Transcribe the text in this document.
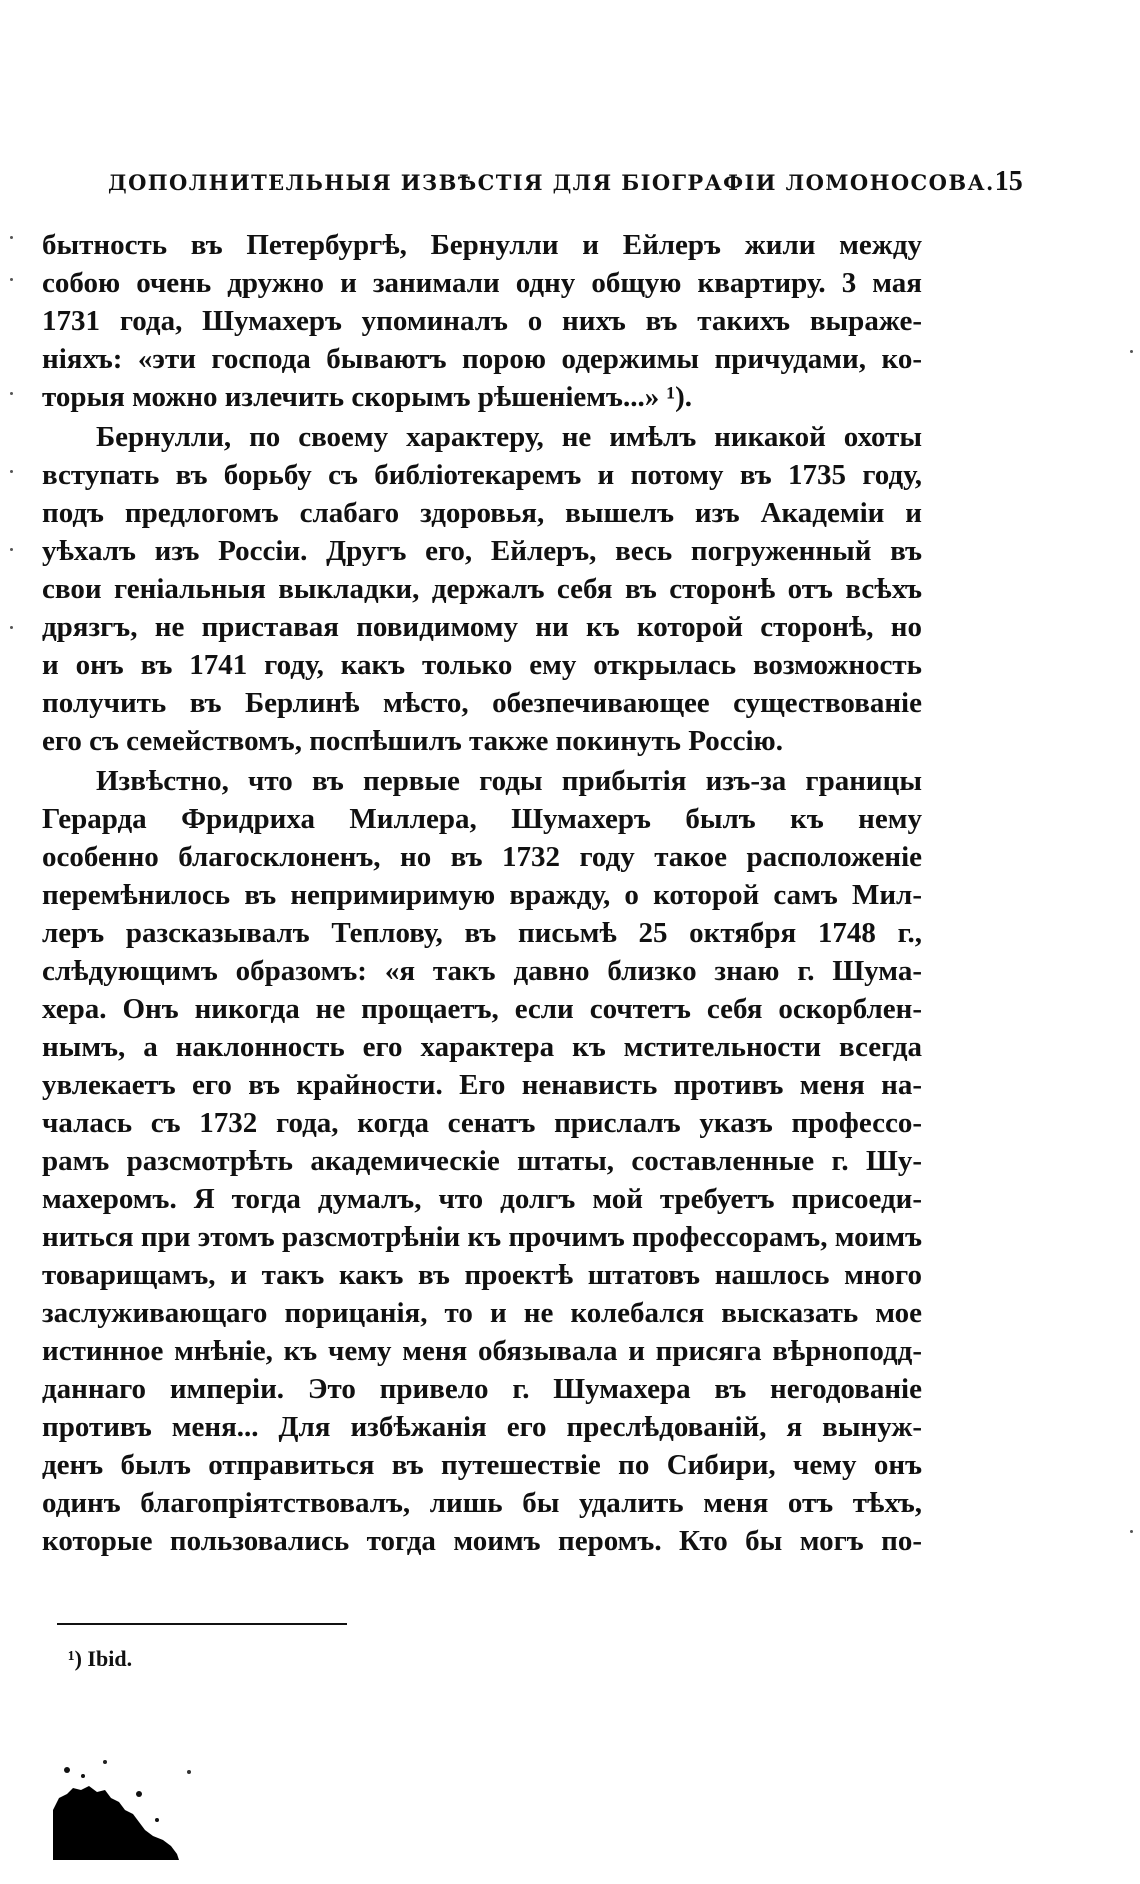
ДОПОЛНИТЕЛЬНЫЯ ИЗВѢСТІЯ ДЛЯ БІОГРАФІИ ЛОМОНОСОВА. 15
бытность въ Петербургѣ, Бернулли и Ейлеръ жили между
собою очень дружно и занимали одну общую квартиру. 3 мая
1731 года, Шумахеръ упоминалъ о нихъ въ такихъ выраже-
ніяхъ: «эти господа бываютъ порою одержимы причудами, ко-
торыя можно излечить скорымъ рѣшеніемъ...» ¹).
Бернулли, по своему характеру, не имѣлъ никакой охоты
вступать въ борьбу съ библіотекаремъ и потому въ 1735 году,
подъ предлогомъ слабаго здоровья, вышелъ изъ Академіи и
уѣхалъ изъ Россіи. Другъ его, Ейлеръ, весь погруженный въ
свои геніальныя выкладки, держалъ себя въ сторонѣ отъ всѣхъ
дрязгъ, не приставая повидимому ни къ которой сторонѣ, но
и онъ въ 1741 году, какъ только ему открылась возможность
получить въ Берлинѣ мѣсто, обезпечивающее существованіе
его съ семействомъ, поспѣшилъ также покинуть Россію.
Извѣстно, что въ первые годы прибытія изъ-за границы
Герарда Фридриха Миллера, Шумахеръ былъ къ нему
особенно благосклоненъ, но въ 1732 году такое расположеніе
перемѣнилось въ непримиримую вражду, о которой самъ Мил-
леръ разсказывалъ Теплову, въ письмѣ 25 октября 1748 г.,
слѣдующимъ образомъ: «я такъ давно близко знаю г. Шума-
хера. Онъ никогда не прощаетъ, если сочтетъ себя оскорблен-
нымъ, а наклонность его характера къ мстительности всегда
увлекаетъ его въ крайности. Его ненависть противъ меня на-
чалась съ 1732 года, когда сенатъ прислалъ указъ профессо-
рамъ разсмотрѣть академическіе штаты, составленные г. Шу-
махеромъ. Я тогда думалъ, что долгъ мой требуетъ присоеди-
ниться при этомъ разсмотрѣніи къ прочимъ профессорамъ, моимъ
товарищамъ, и такъ какъ въ проектѣ штатовъ нашлось много
заслуживающаго порицанія, то и не колебался высказать мое
истинное мнѣніе, къ чему меня обязывала и присяга вѣрноподд-
даннаго имперіи. Это привело г. Шумахера въ негодованіе
противъ меня... Для избѣжанія его преслѣдованій, я вынуж-
денъ былъ отправиться въ путешествіе по Сибири, чему онъ
одинъ благопріятствовалъ, лишь бы удалить меня отъ тѣхъ,
которые пользовались тогда моимъ перомъ. Кто бы могъ по-
¹) Ibid.
